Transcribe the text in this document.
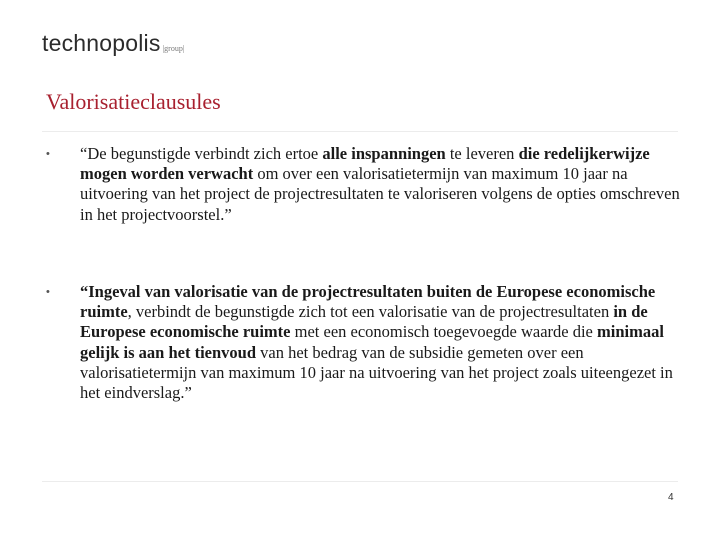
technopolis |group|
Valorisatieclausules
• “De begunstigde verbindt zich ertoe alle inspanningen te leveren die redelijkerwijze mogen worden verwacht om over een valorisatietermijn van maximum 10 jaar na uitvoering van het project de projectresultaten te valoriseren volgens de opties omschreven in het projectvoorstel.”
• “Ingeval van valorisatie van de projectresultaten buiten de Europese economische ruimte, verbindt de begunstigde zich tot een valorisatie van de projectresultaten in de Europese economische ruimte met een economisch toegevoegde waarde die minimaal gelijk is aan het tienvoud van het bedrag van de subsidie gemeten over een valorisatietermijn van maximum 10 jaar na uitvoering van het project zoals uiteengezet in het eindverslag.”
4
